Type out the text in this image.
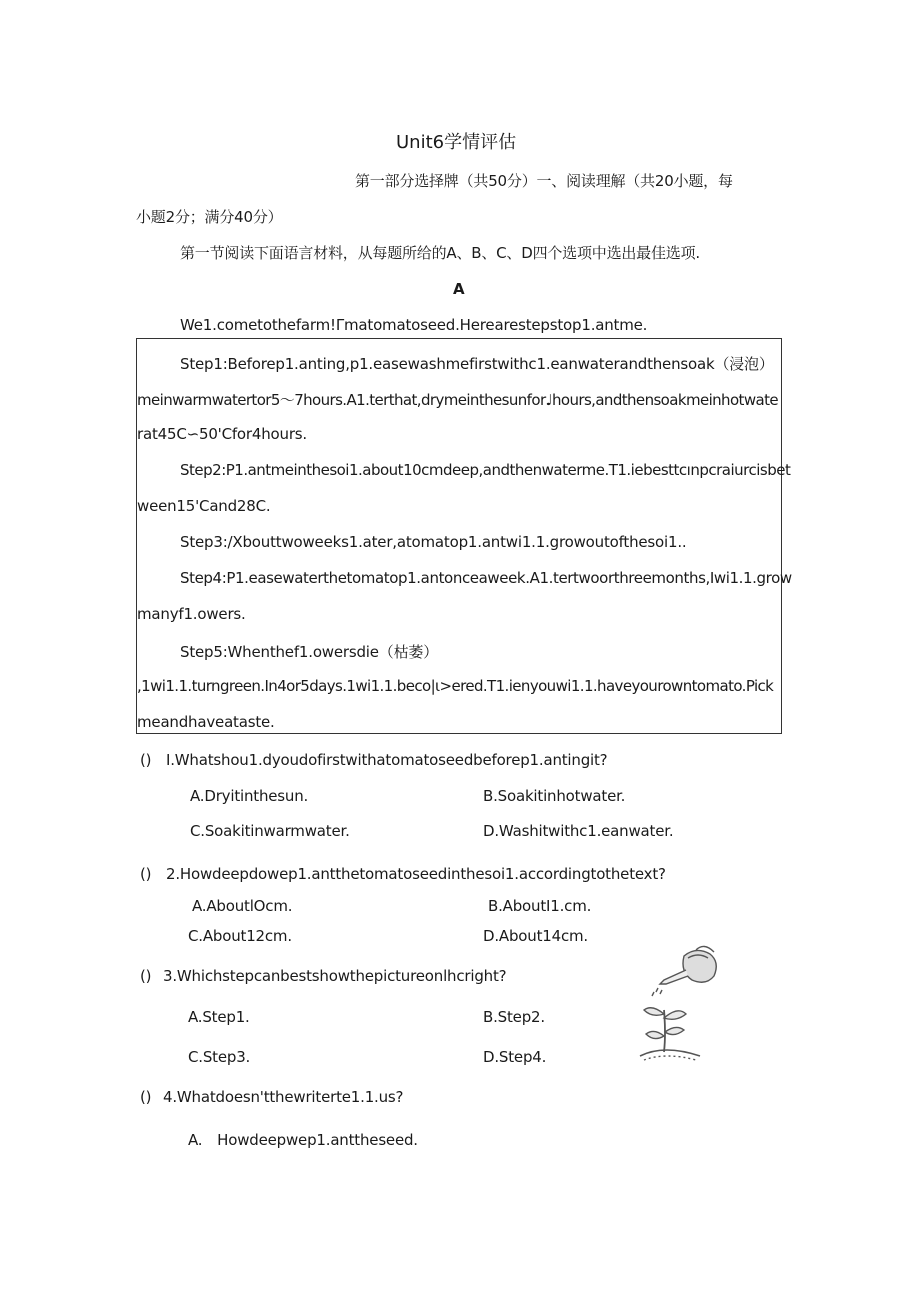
Unit6学情评估
第一部分选择牌（共50分）一、阅读理解（共20小题，每
小题2分；满分40分）
第一节阅读下面语言材料，从每题所给的A、B、C、D四个选项中选出最佳选项.
A
We1.cometothefarm!Γmatomatoseed.Herearestepstop1.antme.
Step1:Beforep1.anting,p1.easewashmefirstwithc1.eanwaterandthensoak（浸泡）
meinwarmwatertor5～7hours.A1.terthat,drymeinthesunfor♩hours,andthensoakmeinhotwate
rat45C∽50'Cfor4hours.
Step2:P1.antmeinthesoi1.about10cmdeep,andthenwaterme.T1.iebesttcınpcraiurcisbet
ween15'Cand28C.
Step3:/Xbouttwoweeks1.ater,atomatop1.antwi1.1.growoutofthesoi1..
Step4:P1.easewaterthetomatop1.antonceaweek.A1.tertwoorthreemonths,Iwi1.1.grow
manyf1.owers.
Step5:Whenthef1.owersdie（枯萎）
,1wi1.1.turngreen.In4or5days.1wi1.1.beco|ι>ered.T1.ienyouwi1.1.haveyourowntomato.Pick
meandhaveataste.
() I.Whatshou1.dyoudofirstwithatomatoseedbeforep1.antingit?
A.Dryitinthesun.	B.Soakitinhotwater.
C.Soakitinwarmwater.	D.Washitwithc1.eanwater.
() 2.Howdeepdowep1.antthetomatoseedinthesoi1.accordingtothetext?
A.AboutlOcm.	B.AboutI1.cm.
C.About12cm.	D.About14cm.
() 3.Whichstepcanbestshowthepictureonlhcright?
A.Step1.	B.Step2.
C.Step3.	D.Step4.
() 4.Whatdoesn'tthewriterte1.1.us?
A.　Howdeepwep1.anttheseed.
